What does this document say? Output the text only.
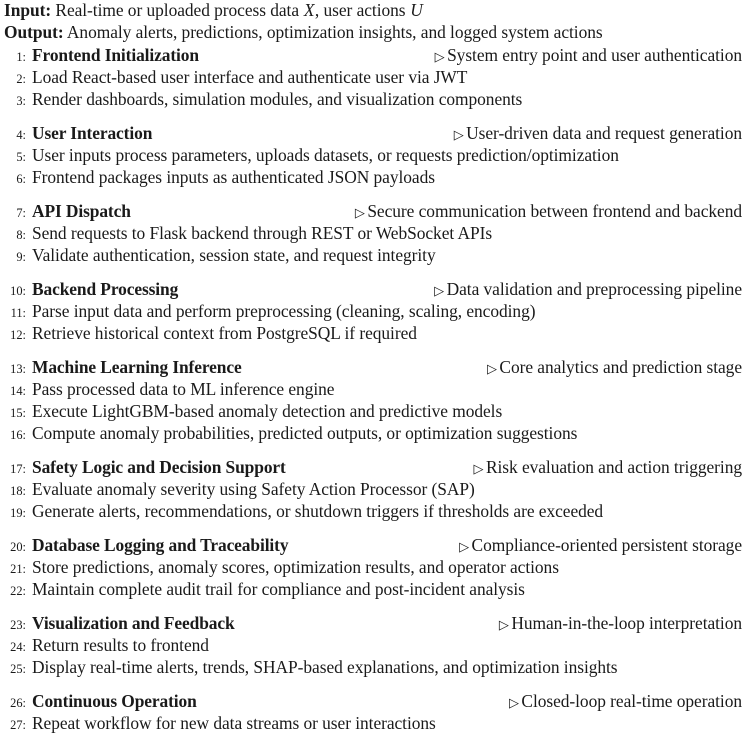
Input: Real-time or uploaded process data X, user actions U
Output: Anomaly alerts, predictions, optimization insights, and logged system actions
1 : Frontend Initialization	▷ System entry point and user authentication
2 : Load React-based user interface and authenticate user via JWT
3 : Render dashboards, simulation modules, and visualization components
4 : User Interaction	▷ User-driven data and request generation
5 : User inputs process parameters, uploads datasets, or requests prediction/optimization
6 : Frontend packages inputs as authenticated JSON payloads
7 : API Dispatch	▷ Secure communication between frontend and backend
8 : Send requests to Flask backend through REST or WebSocket APIs
9 : Validate authentication, session state, and request integrity
10 : Backend Processing	▷ Data validation and preprocessing pipeline
11 : Parse input data and perform preprocessing (cleaning, scaling, encoding)
12 : Retrieve historical context from PostgreSQL if required
13 : Machine Learning Inference	▷ Core analytics and prediction stage
14 : Pass processed data to ML inference engine
15 : Execute LightGBM-based anomaly detection and predictive models
16 : Compute anomaly probabilities, predicted outputs, or optimization suggestions
17 : Safety Logic and Decision Support	▷ Risk evaluation and action triggering
18 : Evaluate anomaly severity using Safety Action Processor (SAP)
19 : Generate alerts, recommendations, or shutdown triggers if thresholds are exceeded
20 : Database Logging and Traceability	▷ Compliance-oriented persistent storage
21 : Store predictions, anomaly scores, optimization results, and operator actions
22 : Maintain complete audit trail for compliance and post-incident analysis
23 : Visualization and Feedback	▷ Human-in-the-loop interpretation
24 : Return results to frontend
25 : Display real-time alerts, trends, SHAP-based explanations, and optimization insights
26 : Continuous Operation	▷ Closed-loop real-time operation
27 : Repeat workflow for new data streams or user interactions
